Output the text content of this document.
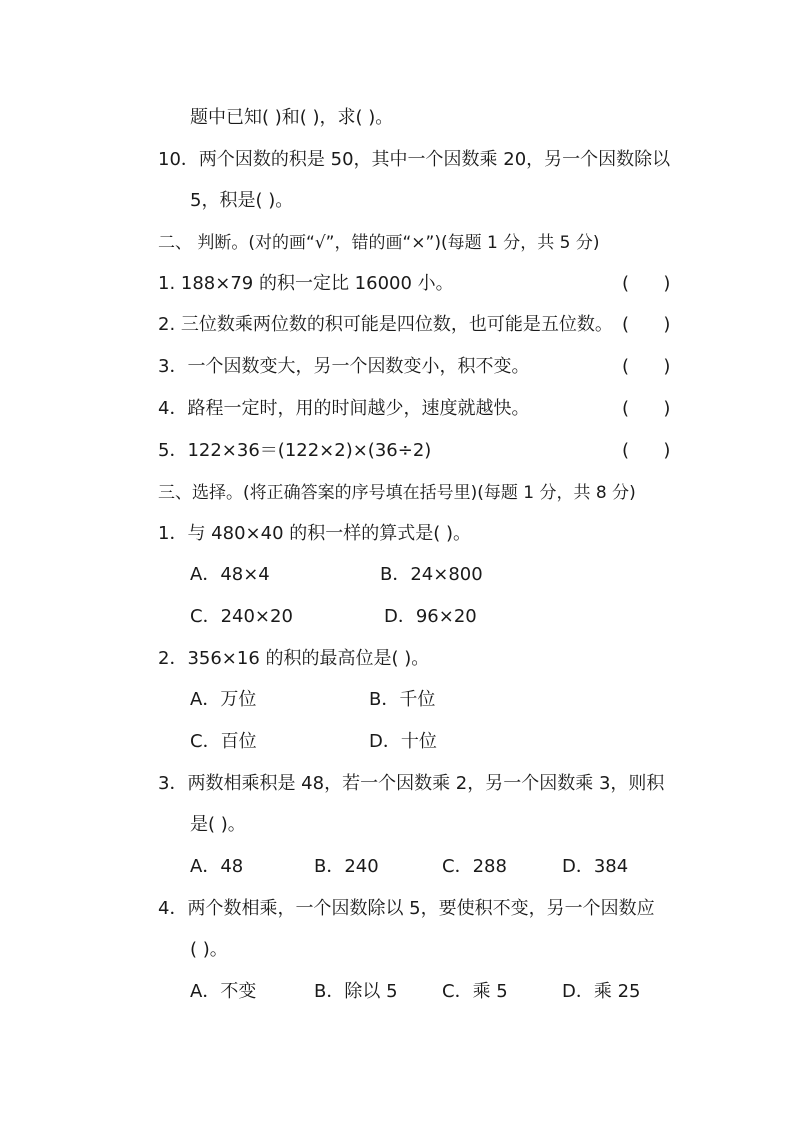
题中已知( )和( )，求( )。
10．两个因数的积是 50，其中一个因数乘 20，另一个因数除以
5，积是( )。
二、 判断。(对的画“√”，错的画“×”)(每题 1 分，共 5 分)
1. 188×79 的积一定比 16000 小。	(      )
2. 三位数乘两位数的积可能是四位数，也可能是五位数。 (      )
3．一个因数变大，另一个因数变小，积不变。	(      )
4．路程一定时，用的时间越少，速度就越快。	(      )
5．122×36＝(122×2)×(36÷2)	(      )
三、选择。(将正确答案的序号填在括号里)(每题 1 分，共 8 分)
1．与 480×40 的积一样的算式是( )。
A．48×4	B．24×800
C．240×20	D．96×20
2．356×16 的积的最高位是( )。
A．万位	B．千位
C．百位	D．十位
3．两数相乘积是 48，若一个因数乘 2，另一个因数乘 3，则积
是( )。
A．48	B．240	C．288	D．384
4．两个数相乘，一个因数除以 5，要使积不变，另一个因数应
( )。
A．不变	B．除以 5 C．乘 5	D．乘 25
